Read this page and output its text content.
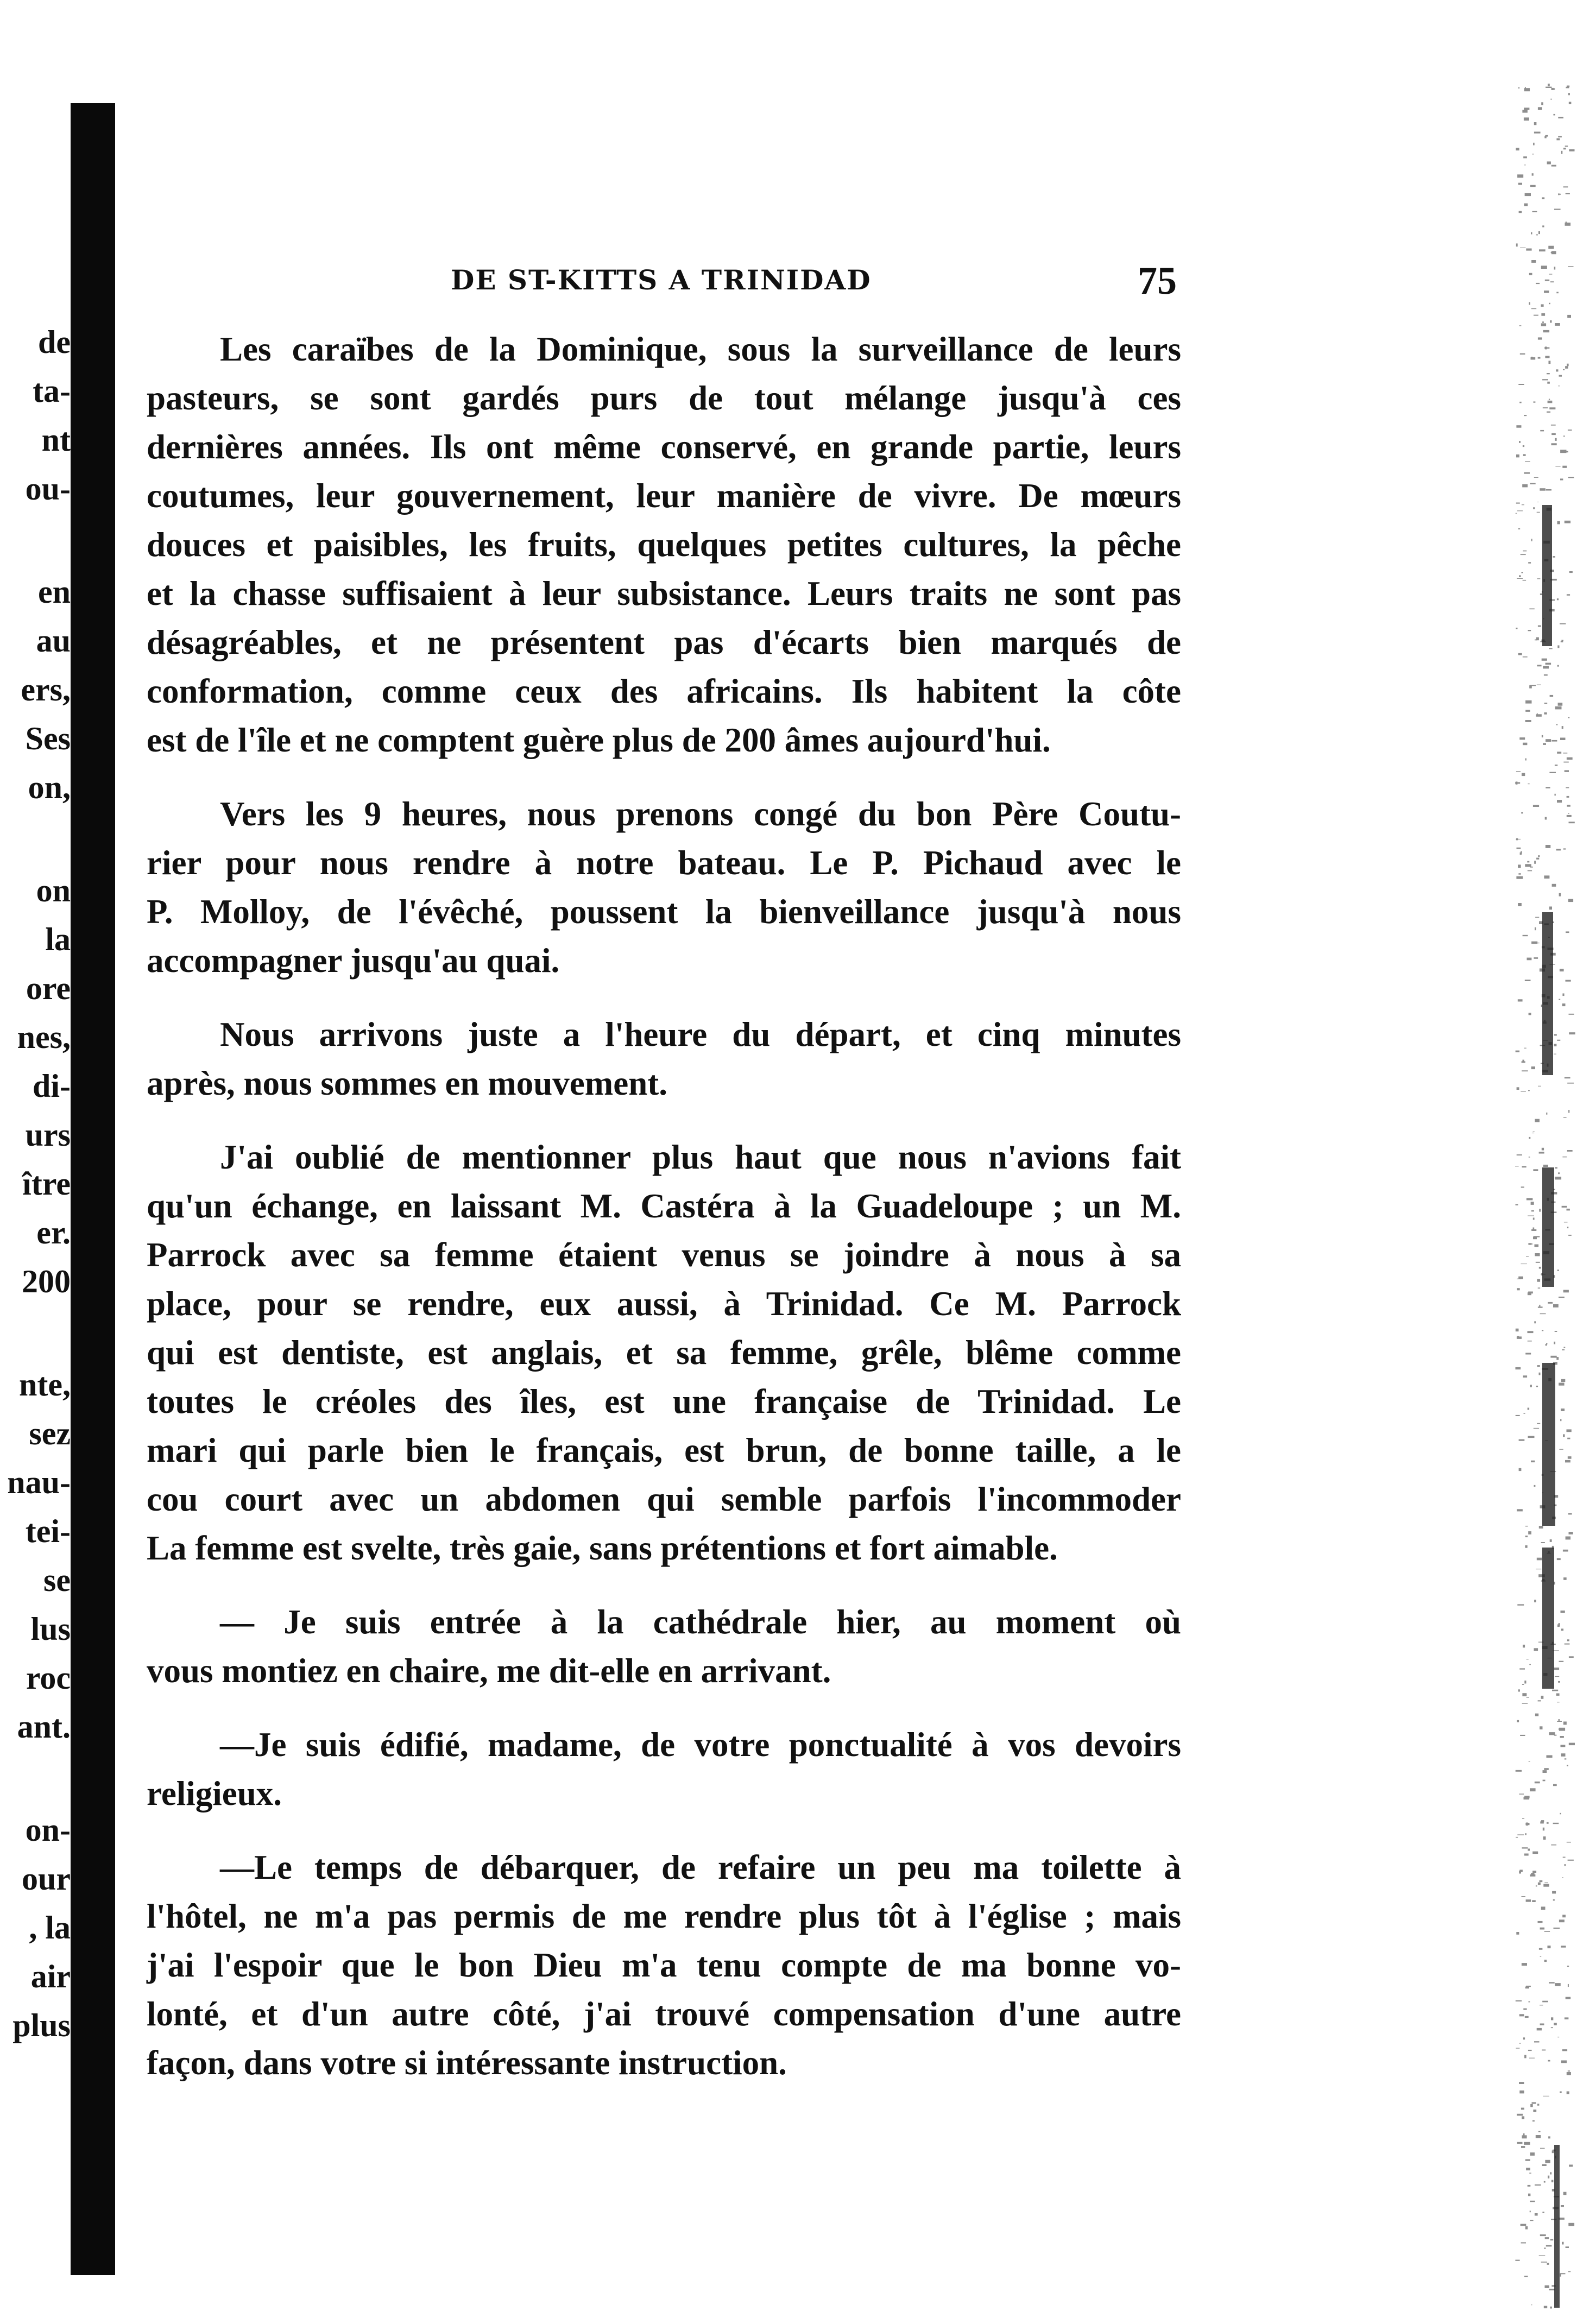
de
ta-
nt
ou-
en
au
ers,
Ses
on,
on
la
ore
nes,
di-
urs
ître
er.
200
nte,
sez
nau-
tei-
se
lus
roc
ant.
on-
our
, la
air
plus
DE ST-KITTS A TRINIDAD	75

Les caraïbes de la Dominique, sous la surveillance de leurs
pasteurs, se sont gardés purs de tout mélange jusqu'à ces
dernières années. Ils ont même conservé, en grande partie, leurs
coutumes, leur gouvernement, leur manière de vivre. De mœurs
douces et paisibles, les fruits, quelques petites cultures, la pêche
et la chasse suffisaient à leur subsistance. Leurs traits ne sont pas
désagréables, et ne présentent pas d'écarts bien marqués de
conformation, comme ceux des africains. Ils habitent la côte
est de l'île et ne comptent guère plus de 200 âmes aujourd'hui.

Vers les 9 heures, nous prenons congé du bon Père Coutu-
rier pour nous rendre à notre bateau. Le P. Pichaud avec le
P. Molloy, de l'évêché, poussent la bienveillance jusqu'à nous
accompagner jusqu'au quai.

Nous arrivons juste a l'heure du départ, et cinq minutes
après, nous sommes en mouvement.

J'ai oublié de mentionner plus haut que nous n'avions fait
qu'un échange, en laissant M. Castéra à la Guadeloupe ; un M.
Parrock avec sa femme étaient venus se joindre à nous à sa
place, pour se rendre, eux aussi, à Trinidad. Ce M. Parrock
qui est dentiste, est anglais, et sa femme, grêle, blême comme
toutes le créoles des îles, est une française de Trinidad. Le
mari qui parle bien le français, est brun, de bonne taille, a le
cou court avec un abdomen qui semble parfois l'incommoder
La femme est svelte, très gaie, sans prétentions et fort aimable.

— Je suis entrée à la cathédrale hier, au moment où
vous montiez en chaire, me dit-elle en arrivant.

—Je suis édifié, madame, de votre ponctualité à vos devoirs
religieux.

—Le temps de débarquer, de refaire un peu ma toilette à
l'hôtel, ne m'a pas permis de me rendre plus tôt à l'église ; mais
j'ai l'espoir que le bon Dieu m'a tenu compte de ma bonne vo-
lonté, et d'un autre côté, j'ai trouvé compensation d'une autre
façon, dans votre si intéressante instruction.
